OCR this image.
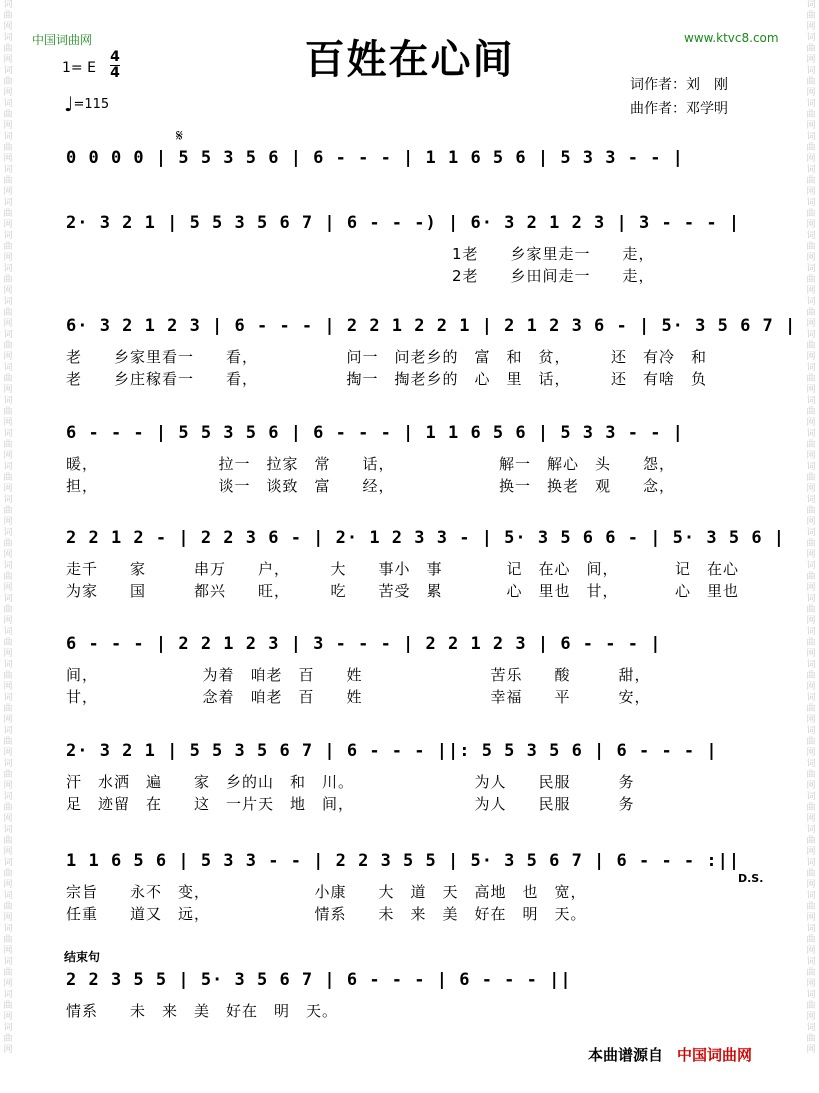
词
曲
网
词
曲
网
词
曲
网
词
曲
网
词
曲
网
词
曲
网
词
曲
网
词
曲
网
词
曲
网
词
曲
网
词
曲
网
词
曲
网
词
曲
网
词
曲
网
词
曲
网
词
曲
网
词
曲
网
词
曲
网
词
曲
网
词
曲
网
词
曲
网
词
曲
网
词
曲
网
词
曲
网
词
曲
网
词
曲
网
词
曲
网
词
曲
网
词
曲
网
词
曲
网
词
曲
网
词
曲
网
词
曲
网
词
曲
网
词
曲
网
词
曲
网
词
曲
网
词
曲
网
词
曲
网
词
曲
网
词
曲
网
词
曲
网
词
曲
网
词
曲
网
词
曲
网
词
曲
网
词
曲
网
词
曲
网
词
曲
网
词
曲
网
词
曲
网
词
曲
网
词
曲
网
词
曲
网
词
曲
网
词
曲
网
词
曲
网
词
曲
网
词
曲
网
词
曲
网
词
曲
网
词
曲
网
词
曲
网
词
曲
网
中国词曲网	www.ktvc8.com
百姓在心间
1= E
4
4
♩=115
词作者：刘　刚
曲作者：邓学明
𝄋
0 0 0 0 | 5 5 3 5 6 | 6 - - - | 1 1 6 5 6 | 5 3 3 - - |
2· 3 2 1 | 5 5 3 5 6 7 | 6 - - -) | 6· 3 2 1 2 3 | 3 - - - |
1老　　乡家里走一　　走，
2老　　乡田间走一　　走，
6· 3 2 1 2 3 | 6 - - - | 2 2 1 2 2 1 | 2 1 2 3 6 - | 5· 3 5 6 7 |
老　　乡家里看一　　看，　　　　　　问一　问老乡的　富　和　贫，　　　还　有冷　和
老　　乡庄稼看一　　看，　　　　　　掏一　掏老乡的　心　里　话，　　　还　有啥　负
6 - - - | 5 5 3 5 6 | 6 - - - | 1 1 6 5 6 | 5 3 3 - - |
暖，　　　　　　　　拉一　拉家　常　　话，　　　　　　　解一　解心　头　　怨，
担，　　　　　　　　谈一　谈致　富　　经，　　　　　　　换一　换老　观　　念，
2 2 1 2 - | 2 2 3 6 - | 2· 1 2 3 3 - | 5· 3 5 6 6 - | 5· 3 5 6 |
走千　　家　　　串万　　户，　　　大　　事小　事　　　　记　在心　间，　　　　记　在心
为家　　国　　　都兴　　旺，　　　吃　　苦受　累　　　　心　里也　甘，　　　　心　里也
6 - - - | 2 2 1 2 3 | 3 - - - | 2 2 1 2 3 | 6 - - - |
间，　　　　　　　为着　咱老　百　　姓　　　　　　　　苦乐　　酸　　　甜，
甘，　　　　　　　念着　咱老　百　　姓　　　　　　　　幸福　　平　　　安，
2· 3 2 1 | 5 5 3 5 6 7 | 6 - - - ||: 5 5 3 5 6 | 6 - - - |
汗　水洒　遍　　家　乡的山　和　川。　　　　　　　　为人　　民服　　　务
足　迹留　在　　这　一片天　地　间，　　　　　　　　为人　　民服　　　务
1 1 6 5 6 | 5 3 3 - - | 2 2 3 5 5 | 5· 3 5 6 7 | 6 - - - :||
宗旨　　永不　变，　　　　　　　小康　　大　道　天　高地　也　宽，
任重　　道又　远，　　　　　　　情系　　未　来　美　好在　明　天。
2 2 3 5 5 | 5· 3 5 6 7 | 6 - - - | 6 - - - ||
情系　　未　来　美　好在　明　天。
结束句
D.S.
本曲谱源自 中国词曲网
